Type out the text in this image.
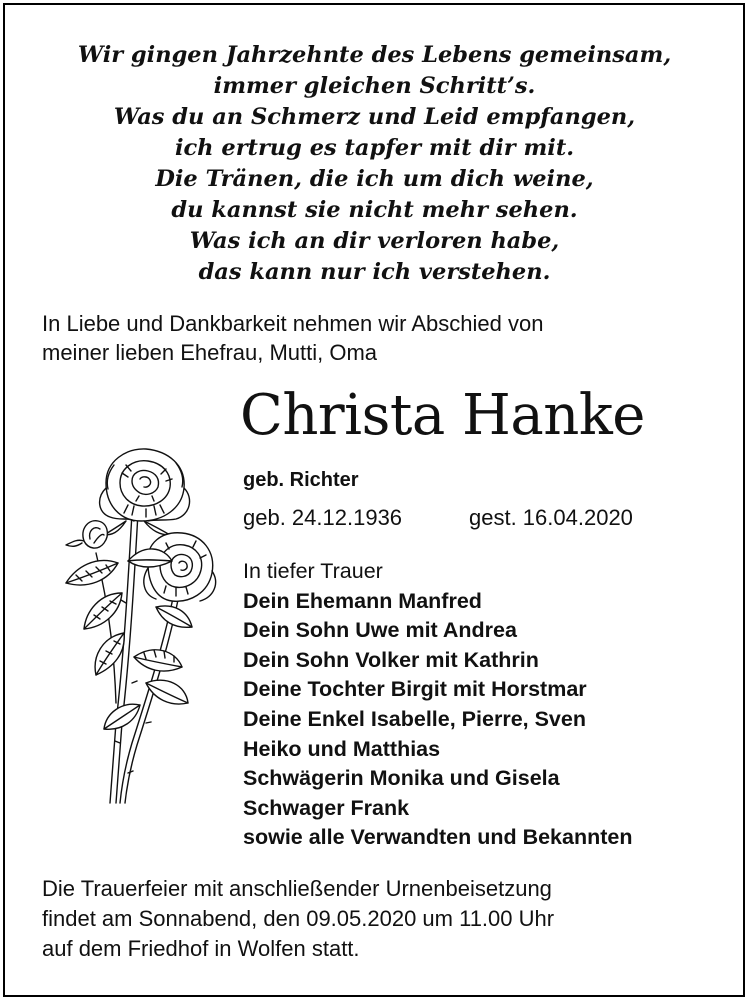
Wir gingen Jahrzehnte des Lebens gemeinsam,
immer gleichen Schritt’s.
Was du an Schmerz und Leid empfangen,
ich ertrug es tapfer mit dir mit.
Die Tränen, die ich um dich weine,
du kannst sie nicht mehr sehen.
Was ich an dir verloren habe,
das kann nur ich verstehen.
In Liebe und Dankbarkeit nehmen wir Abschied von
meiner lieben Ehefrau, Mutti, Oma
Christa Hanke
geb. Richter
geb. 24.12.1936	gest. 16.04.2020
In tiefer Trauer
Dein Ehemann Manfred
Dein Sohn Uwe mit Andrea
Dein Sohn Volker mit Kathrin
Deine Tochter Birgit mit Horstmar
Deine Enkel Isabelle, Pierre, Sven
Heiko und Matthias
Schwägerin Monika und Gisela
Schwager Frank
sowie alle Verwandten und Bekannten
Die Trauerfeier mit anschließender Urnenbeisetzung
findet am Sonnabend, den 09.05.2020 um 11.00 Uhr
auf dem Friedhof in Wolfen statt.
